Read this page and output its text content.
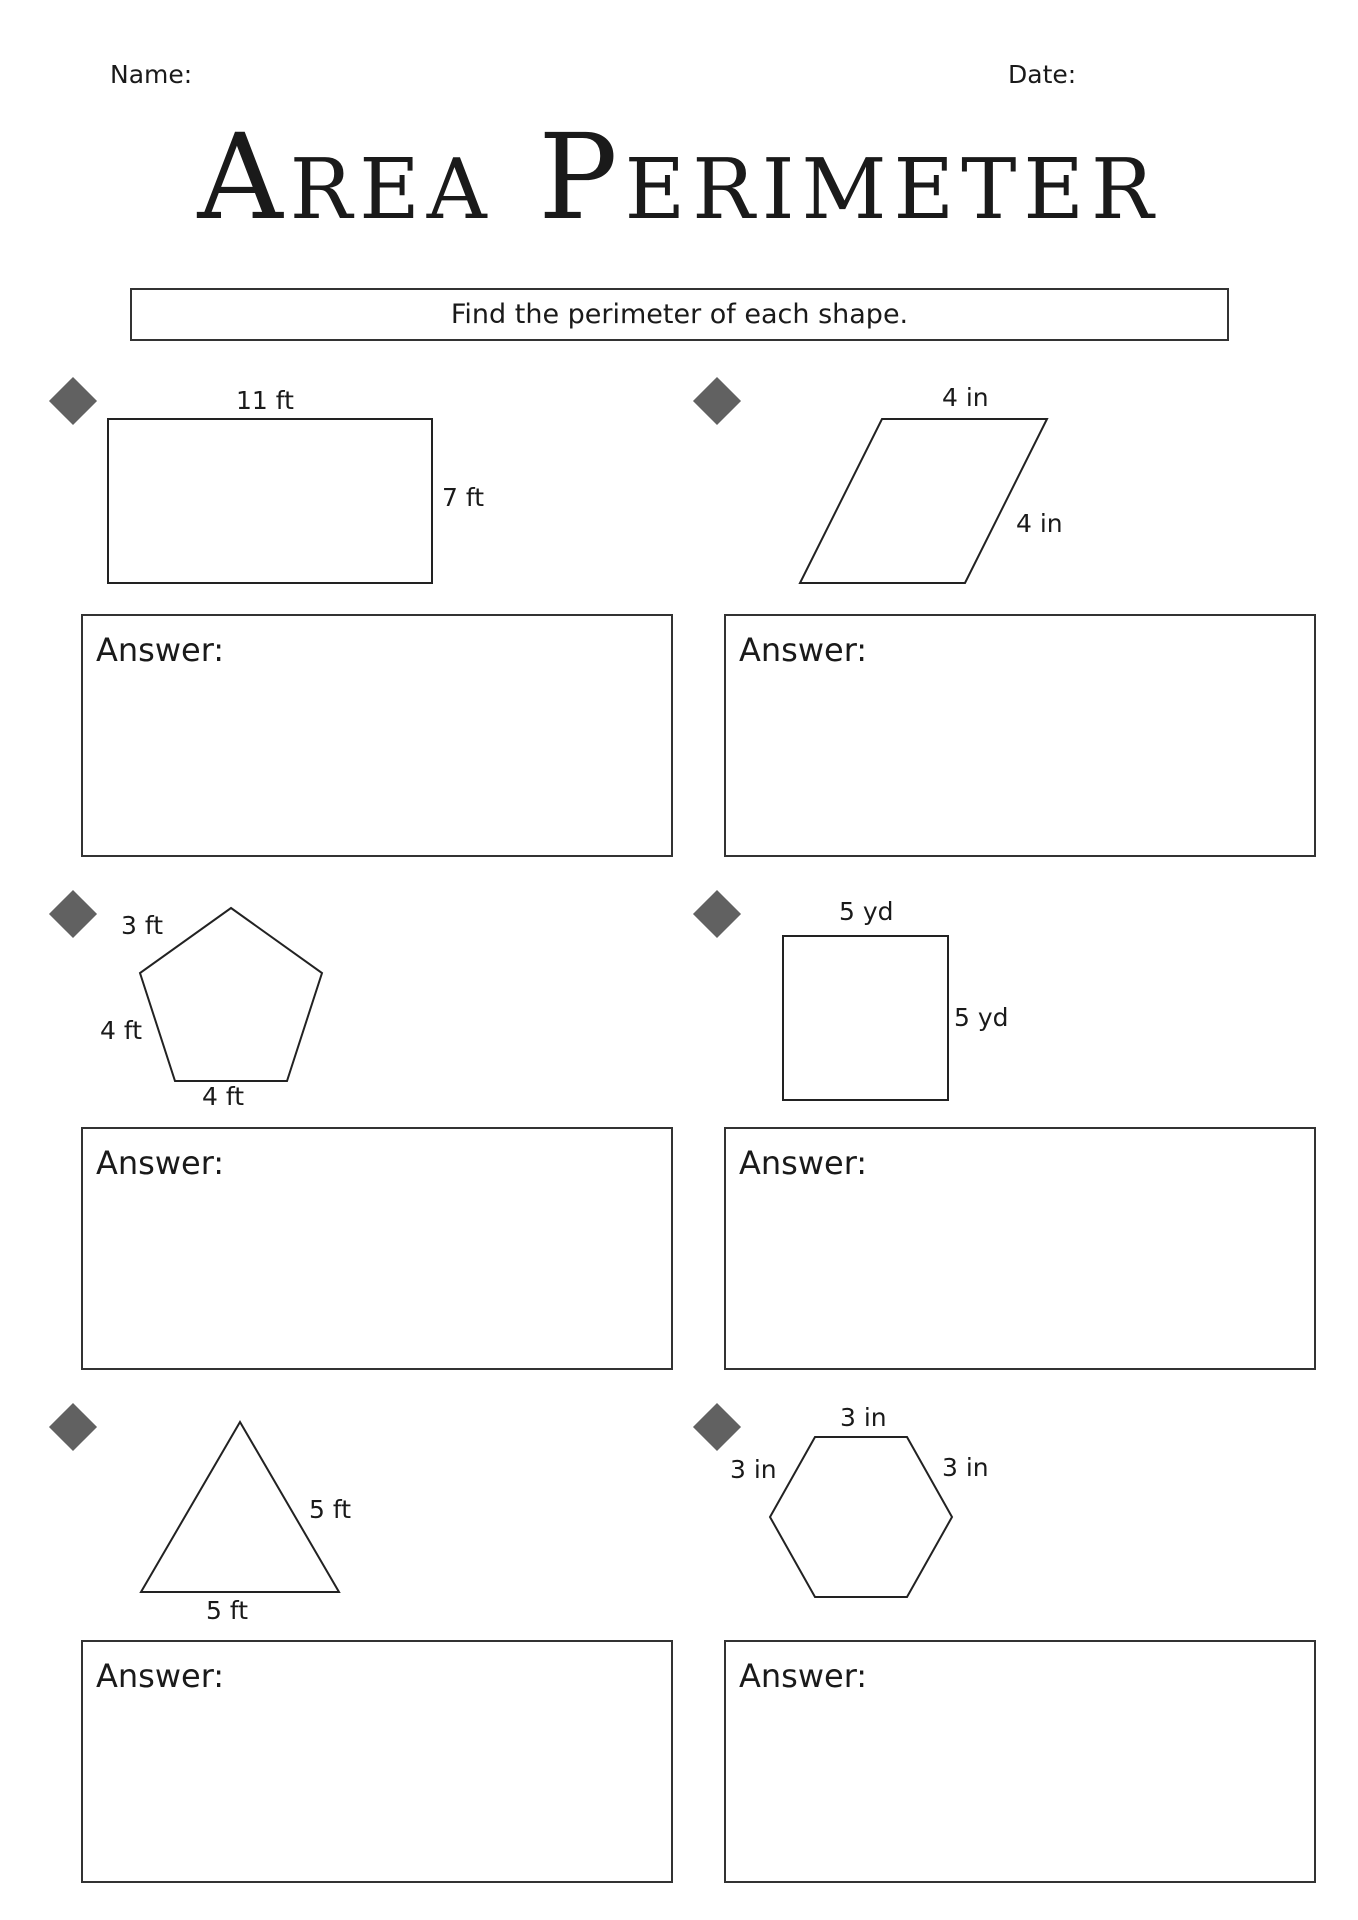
Name:	Date:
Area Perimeter
Find the perimeter of each shape.
11 ft
7 ft
4 in
4 in
3 ft
4 ft
4 ft
5 yd
5 yd
5 ft
5 ft
3 in
3 in	3 in
Answer:	Answer:
Answer:	Answer:
Answer:	Answer:
